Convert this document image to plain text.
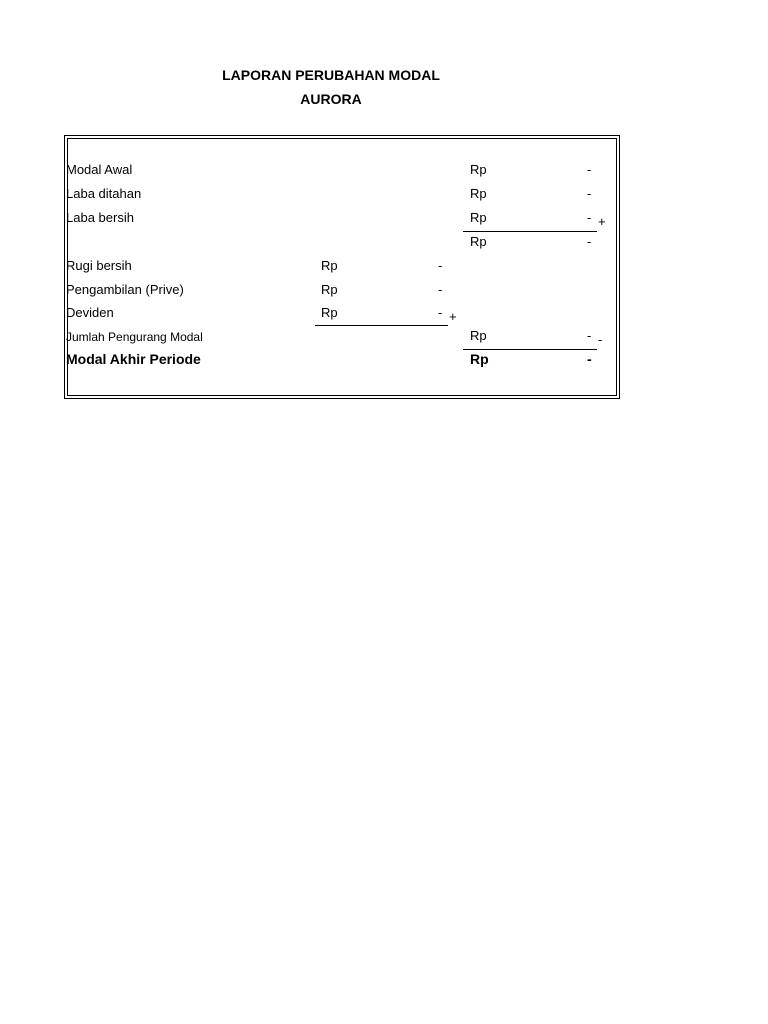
LAPORAN PERUBAHAN MODAL
AURORA
Modal Awal	Rp	-
Laba ditahan	Rp	-
Laba bersih	Rp	- +
Rp	-
Rugi bersih	Rp	-
Pengambilan (Prive)	Rp	-
Deviden	Rp	- +
Jumlah Pengurang Modal	Rp	- -
Modal Akhir Periode	Rp	-
